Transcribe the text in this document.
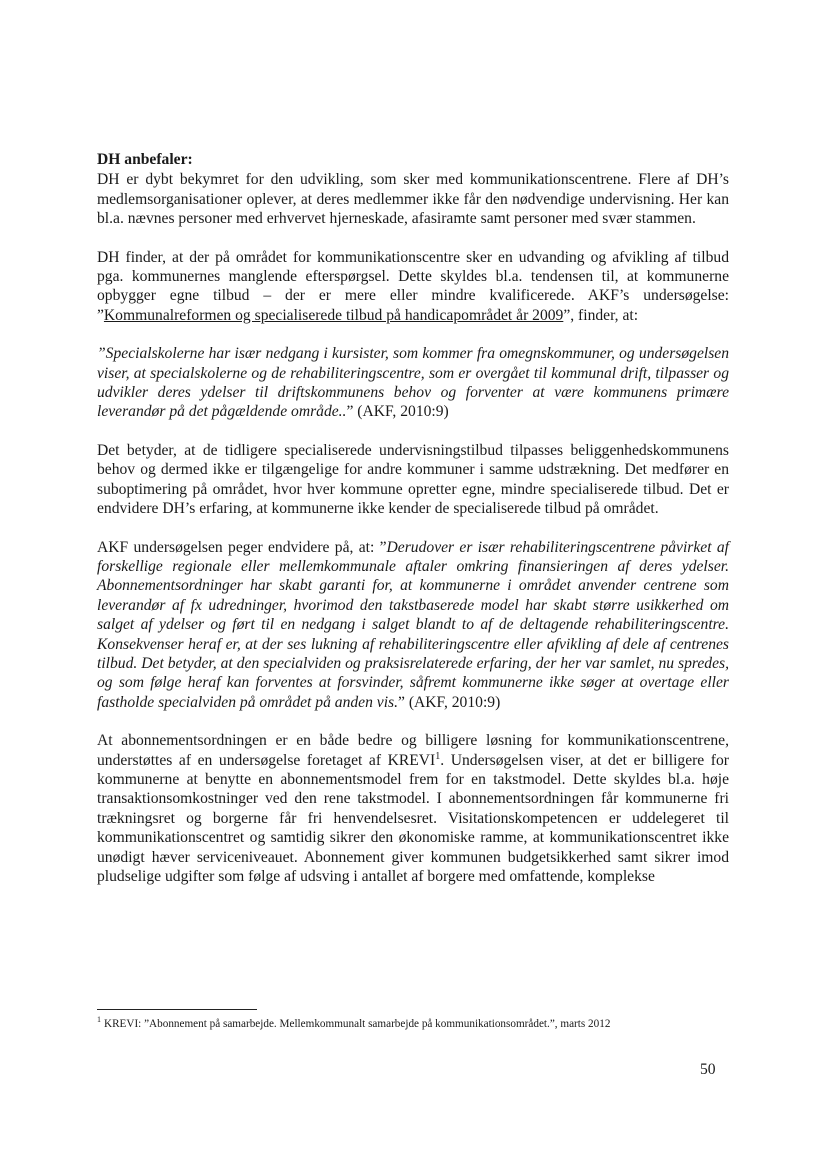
DH anbefaler:

DH er dybt bekymret for den udvikling, som sker med kommunikationscentrene. Flere af DH’s medlemsorganisationer oplever, at deres medlemmer ikke får den nødvendige undervisning. Her kan bl.a. nævnes personer med erhvervet hjerneskade, afasiramte samt personer med svær stammen.

DH finder, at der på området for kommunikationscentre sker en udvanding og afvikling af tilbud pga. kommunernes manglende efterspørgsel. Dette skyldes bl.a. tendensen til, at kommunerne opbygger egne tilbud – der er mere eller mindre kvalificerede. AKF’s undersøgelse: ”Kommunalreformen og specialiserede tilbud på handicapområdet år 2009”, finder, at:

”Specialskolerne har især nedgang i kursister, som kommer fra omegnskommuner, og undersøgelsen viser, at specialskolerne og de rehabiliteringscentre, som er overgået til kommunal drift, tilpasser og udvikler deres ydelser til driftskommunens behov og forventer at være kommunens primære leverandør på det pågældende område..” (AKF, 2010:9)

Det betyder, at de tidligere specialiserede undervisningstilbud tilpasses beliggenhedskommunens behov og dermed ikke er tilgængelige for andre kommuner i samme udstrækning. Det medfører en suboptimering på området, hvor hver kommune opretter egne, mindre specialiserede tilbud. Det er endvidere DH’s erfaring, at kommunerne ikke kender de specialiserede tilbud på området.

AKF undersøgelsen peger endvidere på, at: ”Derudover er især rehabiliteringscentrene påvirket af forskellige regionale eller mellemkommunale aftaler omkring finansieringen af deres ydelser. Abonnementsordninger har skabt garanti for, at kommunerne i området anvender centrene som leverandør af fx udredninger, hvorimod den takstbaserede model har skabt større usikkerhed om salget af ydelser og ført til en nedgang i salget blandt to af de deltagende rehabiliteringscentre. Konsekvenser heraf er, at der ses lukning af rehabiliteringscentre eller afvikling af dele af centrenes tilbud. Det betyder, at den specialviden og praksisrelaterede erfaring, der her var samlet, nu spredes, og som følge heraf kan forventes at forsvinder, såfremt kommunerne ikke søger at overtage eller fastholde specialviden på området på anden vis.” (AKF, 2010:9)

At abonnementsordningen er en både bedre og billigere løsning for kommunikationscentrene, understøttes af en undersøgelse foretaget af KREVI$^1$. Undersøgelsen viser, at det er billigere for kommunerne at benytte en abonnementsmodel frem for en takstmodel. Dette skyldes bl.a. høje transaktionsomkostninger ved den rene takstmodel. I abonnementsordningen får kommunerne fri trækningsret og borgerne får fri henvendelsesret. Visitationskompetencen er uddelegeret til kommunikationscentret og samtidig sikrer den økonomiske ramme, at kommunikationscentret ikke unødigt hæver serviceniveauet. Abonnement giver kommunen budgetsikkerhed samt sikrer imod pludselige udgifter som følge af udsving i antallet af borgere med omfattende, komplekse

$^1$ KREVI: ”Abonnement på samarbejde. Mellemkommunalt samarbejde på kommunikationsområdet.”, marts 2012
50
